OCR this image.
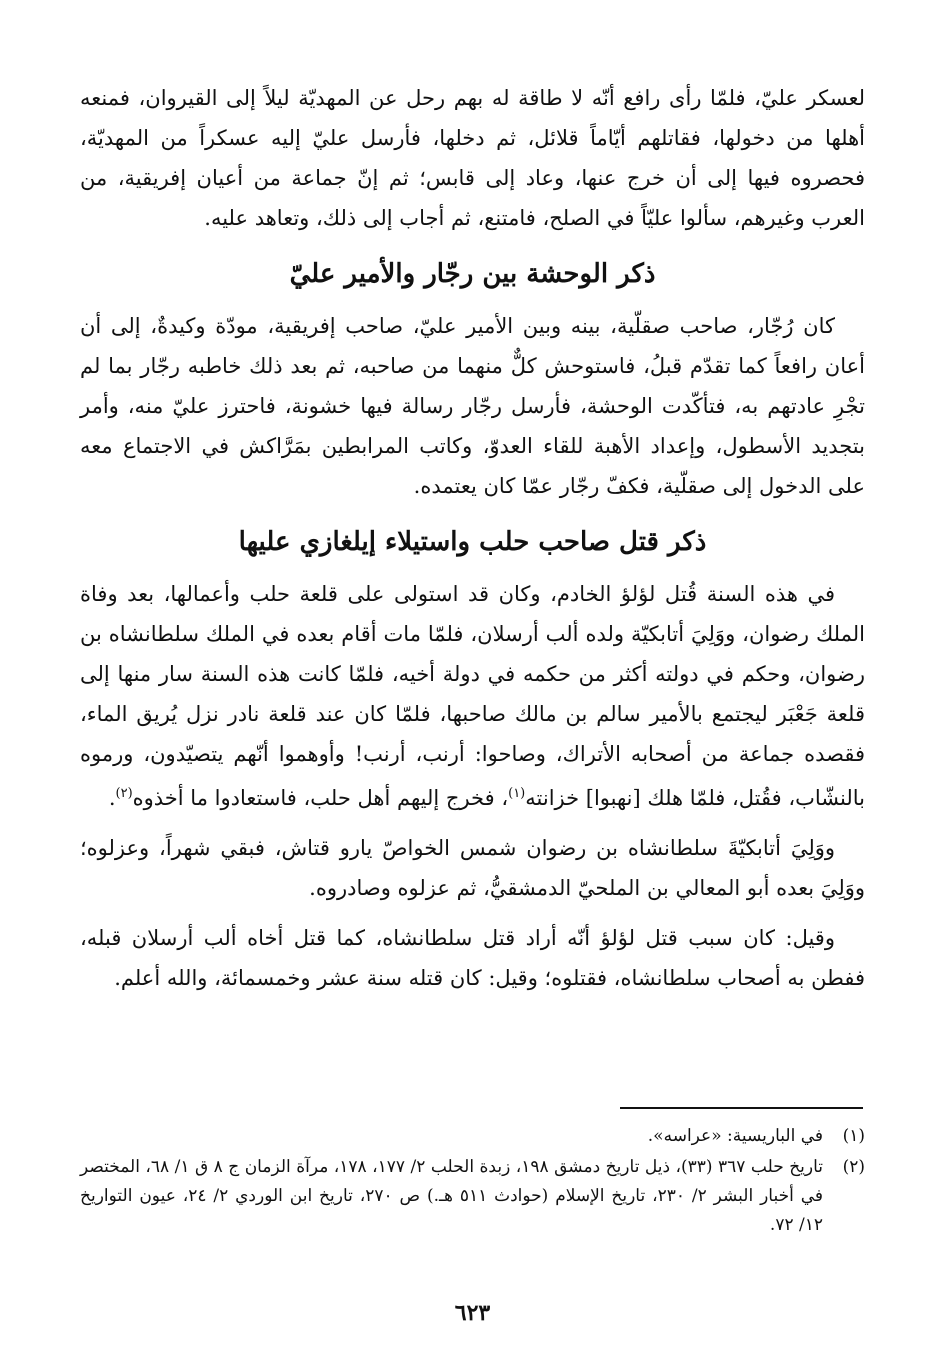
لعسكر عليّ، فلمّا رأى رافع أنّه لا طاقة له بهم رحل عن المهديّة ليلاً إلى القيروان، فمنعه أهلها من دخولها، فقاتلهم أيّاماً قلائل، ثم دخلها، فأرسل عليّ إليه عسكراً من المهديّة، فحصروه فيها إلى أن خرج عنها، وعاد إلى قابس؛ ثم إنّ جماعة من أعيان إفريقية، من العرب وغيرهم، سألوا عليّاً في الصلح، فامتنع، ثم أجاب إلى ذلك، وتعاهد عليه.

ذكر الوحشة بين رجّار والأمير عليّ

كان رُجّار، صاحب صقلّية، بينه وبين الأمير عليّ، صاحب إفريقية، مودّة وكيدةٌ، إلى أن أعان رافعاً كما تقدّم قبلُ، فاستوحش كلٌّ منهما من صاحبه، ثم بعد ذلك خاطبه رجّار بما لم تجْرِ عادتهم به، فتأكّدت الوحشة، فأرسل رجّار رسالة فيها خشونة، فاحترز عليّ منه، وأمر بتجديد الأسطول، وإعداد الأهبة للقاء العدوّ، وكاتب المرابطين بمَرَّاكش في الاجتماع معه على الدخول إلى صقلّية، فكفّ رجّار عمّا كان يعتمده.

ذكر قتل صاحب حلب واستيلاء إيلغازي عليها

في هذه السنة قُتل لؤلؤ الخادم، وكان قد استولى على قلعة حلب وأعمالها، بعد وفاة الملك رضوان، ووَلِيَ أتابكيّة ولده ألب أرسلان، فلمّا مات أقام بعده في الملك سلطانشاه بن رضوان، وحكم في دولته أكثر من حكمه في دولة أخيه، فلمّا كانت هذه السنة سار منها إلى قلعة جَعْبَر ليجتمع بالأمير سالم بن مالك صاحبها، فلمّا كان عند قلعة نادر نزل يُريق الماء، فقصده جماعة من أصحابه الأتراك، وصاحوا: أرنب، أرنب! وأوهموا أنّهم يتصيّدون، ورموه بالنشّاب، فقُتل، فلمّا هلك [نهبوا] خزانته$^{(١)}$، فخرج إليهم أهل حلب، فاستعادوا ما أخذوه$^{(٢)}$.

ووَلِيَ أتابكيّةَ سلطانشاه بن رضوان شمس الخواصّ يارو قتاش، فبقي شهراً، وعزلوه؛ ووَلِيَ بعده أبو المعالي بن الملحيّ الدمشقيُّ، ثم عزلوه وصادروه.

وقيل: كان سبب قتل لؤلؤ أنّه أراد قتل سلطانشاه، كما قتل أخاه ألب أرسلان قبله، ففطن به أصحاب سلطانشاه، فقتلوه؛ وقيل: كان قتله سنة عشر وخمسمائة، والله أعلم.

(١)
في الباريسية: «عراسه».
(٢)
تاريخ حلب ٣٦٧ (٣٣)، ذيل تاريخ دمشق ١٩٨، زبدة الحلب ٢/ ١٧٧، ١٧٨، مرآة الزمان ج ٨ ق ١/ ٦٨، المختصر في أخبار البشر ٢/ ٢٣٠، تاريخ الإسلام (حوادث ٥١١ هـ.) ص ٢٧٠، تاريخ ابن الوردي ٢/ ٢٤، عيون التواريخ ١٢/ ٧٢.
٦٢٣
